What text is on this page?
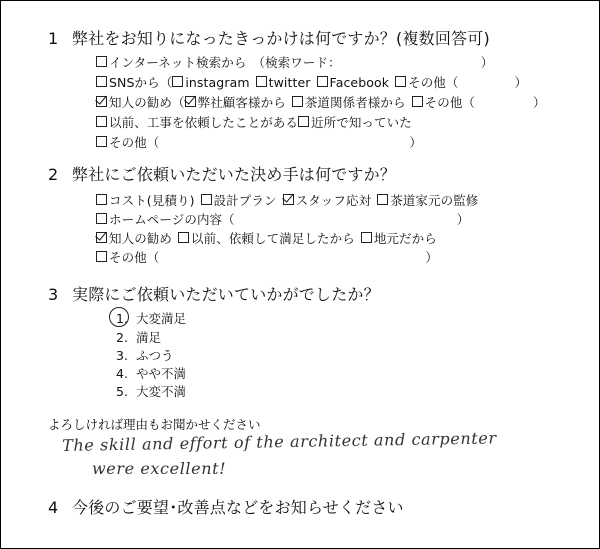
1 弊社をお知りになったきっかけは何ですか？(複数回答可)
インターネット検索から （検索ワード：	）
SNSから（ instagram twitter Facebook その他（	）
知人の勧め（ 弊社顧客様から 茶道関係者様から その他（	）
以前、工事を依頼したことがある 近所で知っていた
その他（	）
2 弊社にご依頼いただいた決め手は何ですか？
コスト(見積り) 設計プラン スタッフ応対 茶道家元の監修
ホームページの内容（	）
知人の勧め 以前、依頼して満足したから 地元だから
その他（	）
3 実際にご依頼いただいていかがでしたか？
1. 大変満足
2. 満足
3. ふつう
4. やや不満
5. 大変不満
よろしければ理由もお聞かせください
The skill and effort of the architect and carpenter
were excellent!
4 今後のご要望･改善点などをお知らせください
